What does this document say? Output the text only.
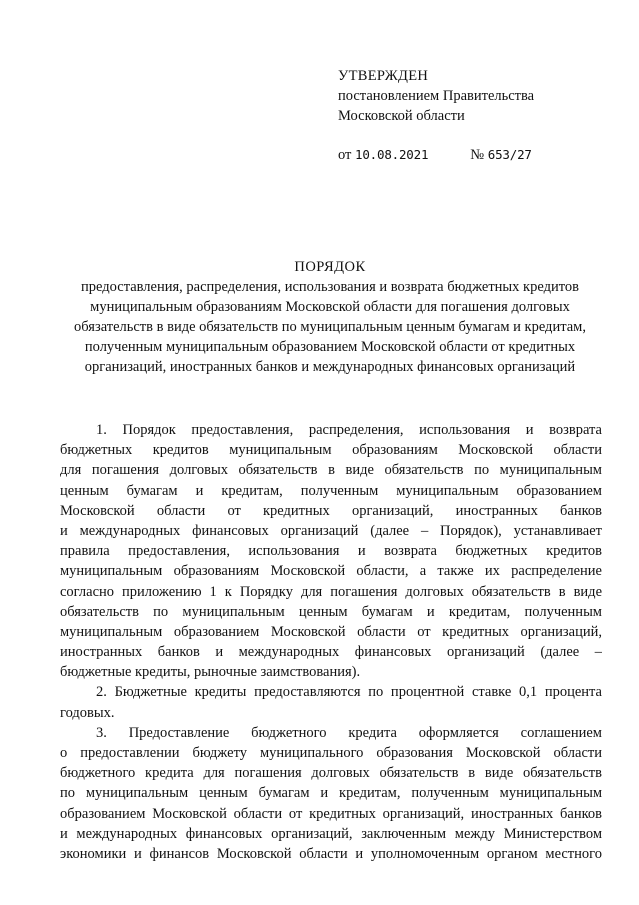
УТВЕРЖДЕН
постановлением Правительства
Московской области
от 10.08.2021	№ 653/27
ПОРЯДОК
предоставления, распределения, использования и возврата бюджетных кредитов
муниципальным образованиям Московской области для погашения долговых
обязательств в виде обязательств по муниципальным ценным бумагам и кредитам,
полученным муниципальным образованием Московской области от кредитных
организаций, иностранных банков и международных финансовых организаций
1. Порядок предоставления, распределения, использования и возврата
бюджетных кредитов муниципальным образованиям Московской области
для погашения долговых обязательств в виде обязательств по муниципальным
ценным бумагам и кредитам, полученным муниципальным образованием
Московской области от кредитных организаций, иностранных банков
и международных финансовых организаций (далее – Порядок), устанавливает
правила предоставления, использования и возврата бюджетных кредитов
муниципальным образованиям Московской области, а также их распределение
согласно приложению 1 к Порядку для погашения долговых обязательств в виде
обязательств по муниципальным ценным бумагам и кредитам, полученным
муниципальным образованием Московской области от кредитных организаций,
иностранных банков и международных финансовых организаций (далее –
бюджетные кредиты, рыночные заимствования).
2. Бюджетные кредиты предоставляются по процентной ставке 0,1 процента
годовых.
3. Предоставление бюджетного кредита оформляется соглашением
о предоставлении бюджету муниципального образования Московской области
бюджетного кредита для погашения долговых обязательств в виде обязательств
по муниципальным ценным бумагам и кредитам, полученным муниципальным
образованием Московской области от кредитных организаций, иностранных банков
и международных финансовых организаций, заключенным между Министерством
экономики и финансов Московской области и уполномоченным органом местного
